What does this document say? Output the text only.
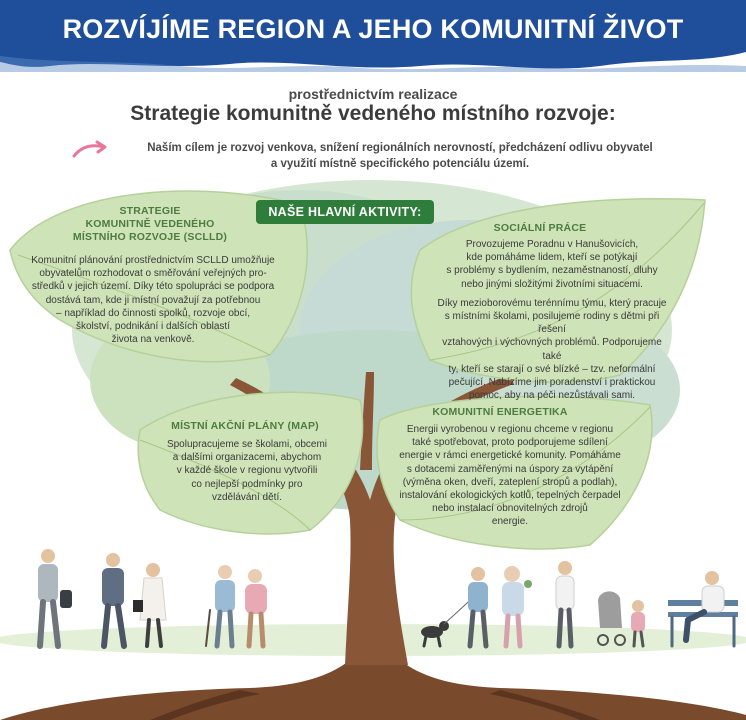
ROZVÍJÍME REGION A JEHO KOMUNITNÍ ŽIVOT
prostřednictvím realizace
Strategie komunitně vedeného místního rozvoje:
Naším cílem je rozvoj venkova, snížení regionálních nerovností, předcházení odlivu obyvatel
a využití místně specifického potenciálu území.
NAŠE HLAVNÍ AKTIVITY:
STRATEGIE
KOMUNITNĚ VEDENÉHO
MÍSTNÍHO ROZVOJE (SCLLD)
Komunitní plánování prostřednictvím SCLLD umožňuje
obyvatelům rozhodovat o směřování veřejných pro-
středků v jejich území. Díky této spolupráci se podpora
dostává tam, kde ji místní považují za potřebnou
– například do činnosti spolků, rozvoje obcí,
školství, podnikání i dalších oblastí
života na venkově.
SOCIÁLNÍ PRÁCE
Provozujeme Poradnu v Hanušovicích,
kde pomáháme lidem, kteří se potýkají
s problémy s bydlením, nezaměstnaností, dluhy
nebo jinými složitými životními situacemi.
Díky mezioborovému terénnímu týmu, který pracuje
s místními školami, posilujeme rodiny s dětmi při řešení
vztahových i výchovných problémů. Podporujeme také
ty, kteří se starají o své blízké – tzv. neformální
pečující. Nabízíme jim poradenství i praktickou
pomoc, aby na péči nezůstávali sami.
MÍSTNÍ AKČNÍ PLÁNY (MAP)
Spolupracujeme se školami, obcemi
a dalšími organizacemi, abychom
v každé škole v regionu vytvořili
co nejlepší podmínky pro
vzdělávání dětí.
KOMUNITNÍ ENERGETIKA
Energii vyrobenou v regionu chceme v regionu
také spotřebovat, proto podporujeme sdílení
energie v rámci energetické komunity. Pomáháme
s dotacemi zaměřenými na úspory za vytápění
(výměna oken, dveří, zateplení stropů a podlah),
instalování ekologických kotlů, tepelných čerpadel
nebo instalací obnovitelných zdrojů
energie.
